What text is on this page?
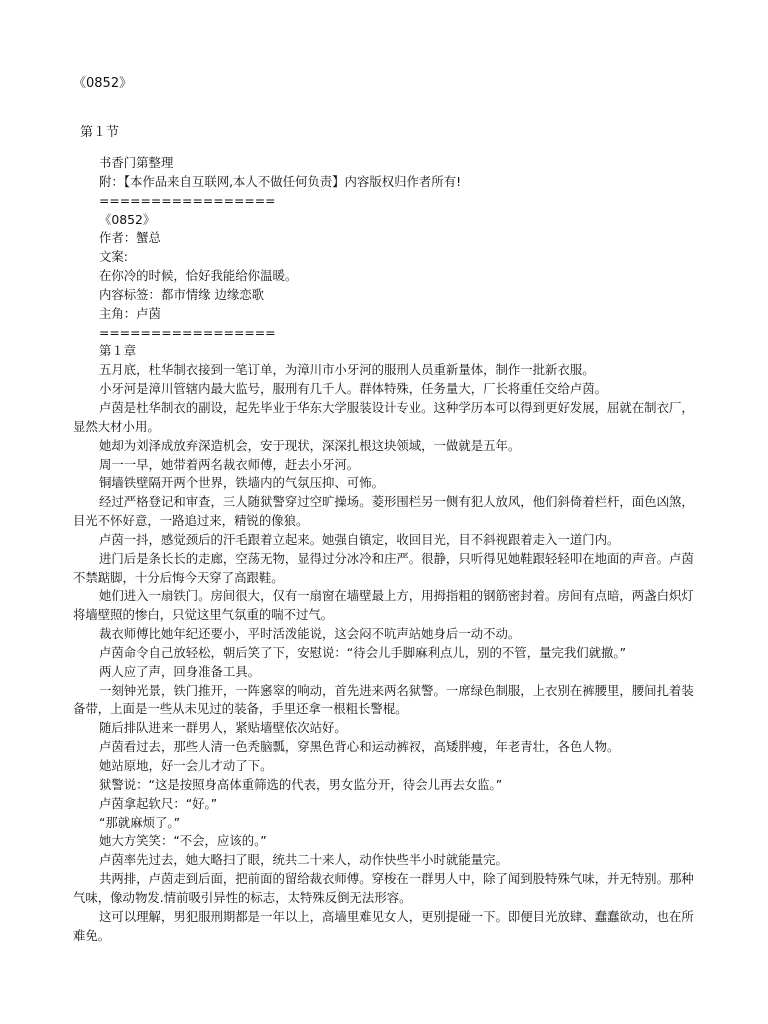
《0852》
第１节

书香门第整理

附：【本作品来自互联网,本人不做任何负责】内容版权归作者所有!

=================

《0852》

作者：蟹总

文案:

在你冷的时候，恰好我能给你温暖。

内容标签：都市情缘 边缘恋歌

主角：卢茵

=================

第１章

五月底，杜华制衣接到一笔订单，为漳川市小牙河的服刑人员重新量体，制作一批新衣服。

小牙河是漳川管辖内最大监号，服刑有几千人。群体特殊，任务量大，厂长将重任交给卢茵。

卢茵是杜华制衣的副设，起先毕业于华东大学服装设计专业。这种学历本可以得到更好发展，屈就在制衣厂，显然大材小用。

她却为刘泽成放弃深造机会，安于现状，深深扎根这块领域，一做就是五年。

周一一早，她带着两名裁衣师傅，赶去小牙河。

铜墙铁壁隔开两个世界，铁墙内的气氛压抑、可怖。

经过严格登记和审查，三人随狱警穿过空旷操场。菱形围栏另一侧有犯人放风，他们斜倚着栏杆，面色凶煞，目光不怀好意，一路追过来，精锐的像狼。

卢茵一抖，感觉颈后的汗毛跟着立起来。她强自镇定，收回目光，目不斜视跟着走入一道门内。

进门后是条长长的走廊，空荡无物，显得过分冰冷和庄严。很静，只听得见她鞋跟轻轻叩在地面的声音。卢茵不禁踮脚，十分后悔今天穿了高跟鞋。

她们进入一扇铁门。房间很大，仅有一扇窗在墙壁最上方，用拇指粗的钢筋密封着。房间有点暗，两盏白炽灯将墙壁照的惨白，只觉这里气氛重的喘不过气。

裁衣师傅比她年纪还要小，平时活泼能说，这会闷不吭声站她身后一动不动。

卢茵命令自己放轻松，朝后笑了下，安慰说：“待会儿手脚麻利点儿，别的不管，量完我们就撤。”

两人应了声，回身准备工具。

一刻钟光景，铁门推开，一阵窸窣的响动，首先进来两名狱警。一席绿色制服，上衣别在裤腰里，腰间扎着装备带，上面是一些从未见过的装备，手里还拿一根粗长警棍。

随后排队进来一群男人，紧贴墙壁依次站好。

卢茵看过去，那些人清一色秃脑瓢，穿黑色背心和运动裤衩，高矮胖瘦，年老青壮，各色人物。

她站原地，好一会儿才动了下。

狱警说：“这是按照身高体重筛选的代表，男女监分开，待会儿再去女监。”

卢茵拿起软尺：“好。”

“那就麻烦了。”

她大方笑笑：“不会，应该的。”

卢茵率先过去，她大略扫了眼，统共二十来人，动作快些半小时就能量完。

共两排，卢茵走到后面，把前面的留给裁衣师傅。穿梭在一群男人中，除了闻到股特殊气味，并无特别。那种气味，像动物发.情前吸引异性的标志，太特殊反倒无法形容。

这可以理解，男犯服刑期都是一年以上，高墙里难见女人，更别提碰一下。即便目光放肆、蠢蠢欲动，也在所难免。
